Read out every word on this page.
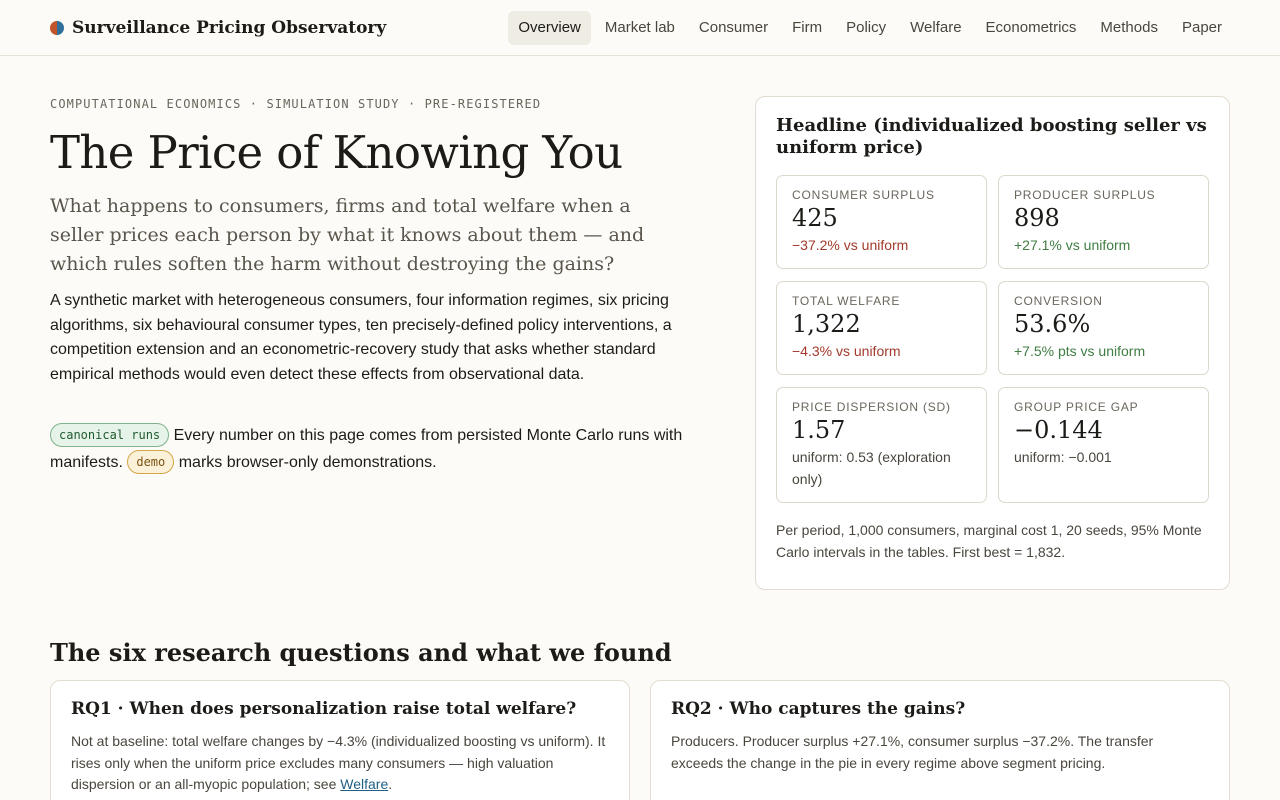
Surveillance Pricing Observatory	Overview	Market lab	Consumer	Firm	Policy	Welfare	Econometrics	Methods	Paper
COMPUTATIONAL ECONOMICS · SIMULATION STUDY · PRE-REGISTERED
The Price of Knowing You

What happens to consumers, firms and total welfare when a seller prices each person by what it knows about them — and which rules soften the harm without destroying the gains?

A synthetic market with heterogeneous consumers, four information regimes, six pricing algorithms, six behavioural consumer types, ten precisely-defined policy interventions, a competition extension and an econometric-recovery study that asks whether standard empirical methods would even detect these effects from observational data.

canonical runs Every number on this page comes from persisted Monte Carlo runs with manifests. demo marks browser-only demonstrations.

Headline (individualized boosting seller vs uniform price)
CONSUMER SURPLUS
425
−37.2% vs uniform
PRODUCER SURPLUS
898
+27.1% vs uniform
TOTAL WELFARE
1,322
−4.3% vs uniform
CONVERSION
53.6%
+7.5% pts vs uniform
PRICE DISPERSION (SD)
1.57
uniform: 0.53 (exploration only)
GROUP PRICE GAP
−0.144
uniform: −0.001
Per period, 1,000 consumers, marginal cost 1, 20 seeds, 95% Monte Carlo intervals in the tables. First best = 1,832.
The six research questions and what we found
RQ1 · When does personalization raise total welfare?

Not at baseline: total welfare changes by −4.3% (individualized boosting vs uniform). It rises only when the uniform price excludes many consumers — high valuation dispersion or an all-myopic population; see Welfare.

RQ2 · Who captures the gains?

Producers. Producer surplus +27.1%, consumer surplus −37.2%. The transfer exceeds the change in the pie in every regime above segment pricing.
